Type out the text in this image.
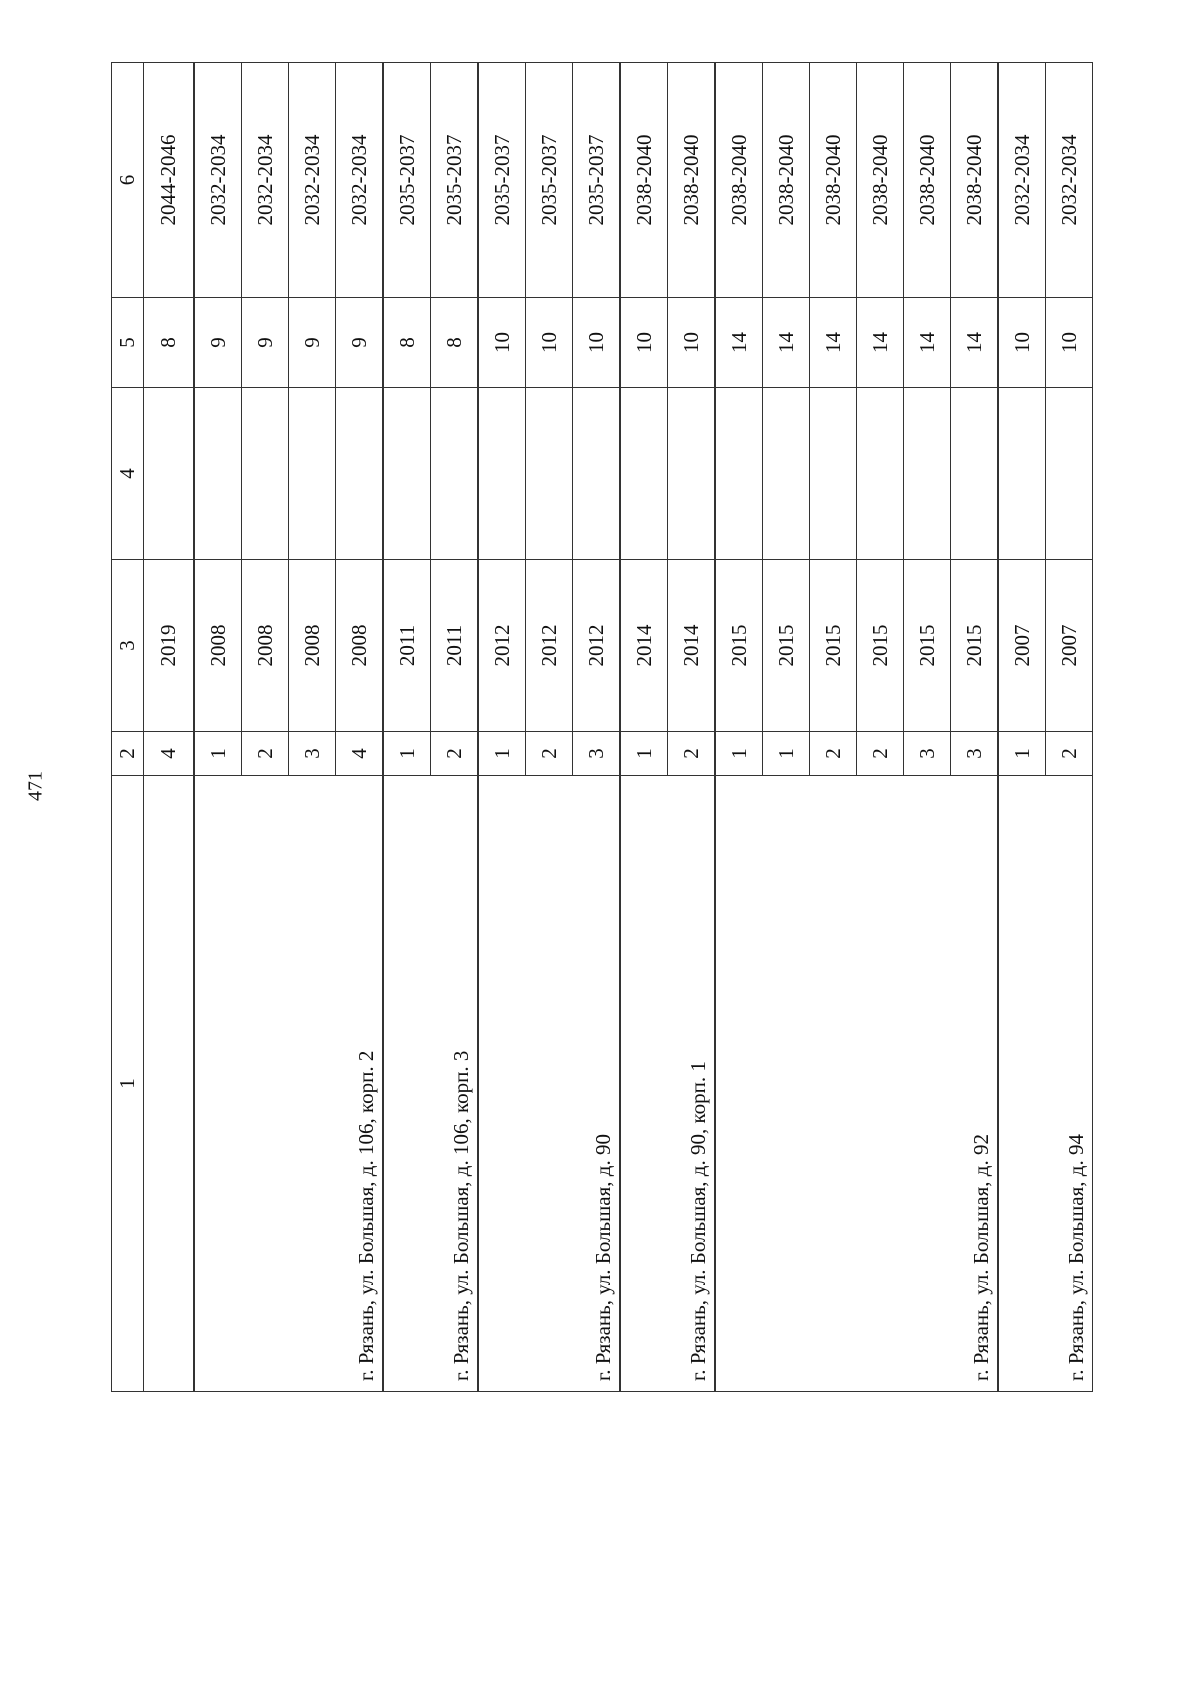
471
1	2	3	4	5	6
	4	2019		8	2044-2046
г. Рязань, ул. Большая, д. 106, корп. 2	1	2008		9	2032-2034
	2	2008		9	2032-2034
	3	2008		9	2032-2034
	4	2008		9	2032-2034
г. Рязань, ул. Большая, д. 106, корп. 3	1	2011		8	2035-2037
	2	2011		8	2035-2037
г. Рязань, ул. Большая, д. 90	1	2012		10	2035-2037
	2	2012		10	2035-2037
	3	2012		10	2035-2037
г. Рязань, ул. Большая, д. 90, корп. 1	1	2014		10	2038-2040
	2	2014		10	2038-2040
г. Рязань, ул. Большая, д. 92	1	2015		14	2038-2040
	1	2015		14	2038-2040
	2	2015		14	2038-2040
	2	2015		14	2038-2040
	3	2015		14	2038-2040
	3	2015		14	2038-2040
г. Рязань, ул. Большая, д. 94	1	2007		10	2032-2034
	2	2007		10	2032-2034
